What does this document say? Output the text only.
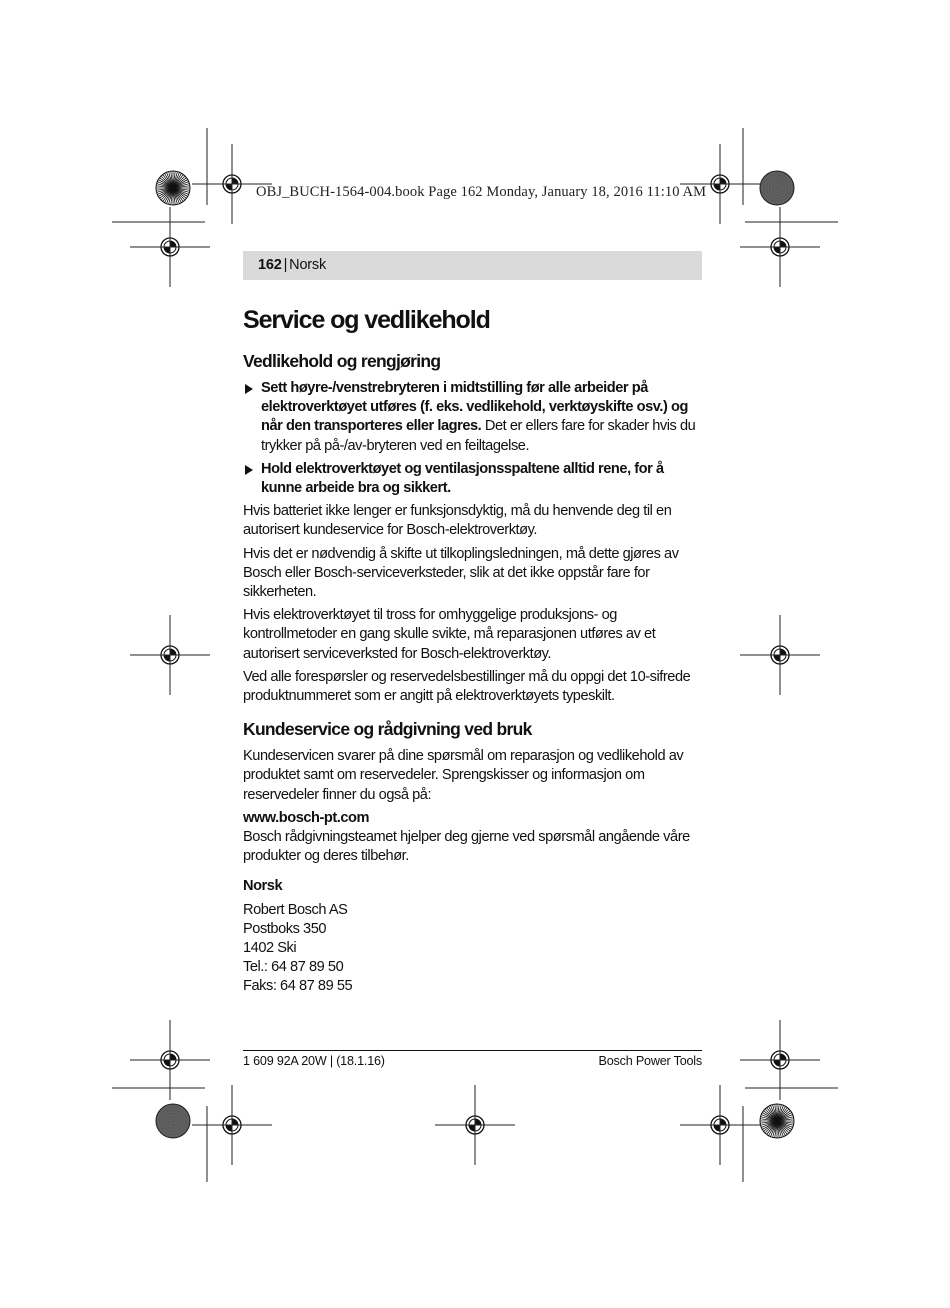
OBJ_BUCH-1564-004.book Page 162 Monday, January 18, 2016 11:10 AM
162 | Norsk
Service og vedlikehold
Vedlikehold og rengjøring
Sett høyre-/venstrebryteren i midtstilling før alle arbeider på elektroverktøyet utføres (f. eks. vedlikehold, verktøyskifte osv.) og når den transporteres eller lagres. Det er ellers fare for skader hvis du trykker på på-/av-bryteren ved en feiltagelse.
Hold elektroverktøyet og ventilasjonsspaltene alltid rene, for å kunne arbeide bra og sikkert.

Hvis batteriet ikke lenger er funksjonsdyktig, må du henvende deg til en autorisert kundeservice for Bosch-elektroverktøy.

Hvis det er nødvendig å skifte ut tilkoplingsledningen, må dette gjøres av Bosch eller Bosch-serviceverksteder, slik at det ikke oppstår fare for sikkerheten.

Hvis elektroverktøyet til tross for omhyggelige produksjons- og kontrollmetoder en gang skulle svikte, må reparasjonen utføres av et autorisert serviceverksted for Bosch-elektroverktøy.

Ved alle forespørsler og reservedelsbestillinger må du oppgi det 10-sifrede produktnummeret som er angitt på elektroverktøyets typeskilt.

Kundeservice og rådgivning ved bruk

Kundeservicen svarer på dine spørsmål om reparasjon og vedlikehold av produktet samt om reservedeler. Sprengskisser og informasjon om reservedeler finner du også på:

www.bosch-pt.com

Bosch rådgivningsteamet hjelper deg gjerne ved spørsmål angående våre produkter og deres tilbehør.

Norsk
Robert Bosch AS
Postboks 350
1402 Ski
Tel.: 64 87 89 50
Faks: 64 87 89 55
1 609 92A 20W | (18.1.16)	Bosch Power Tools
